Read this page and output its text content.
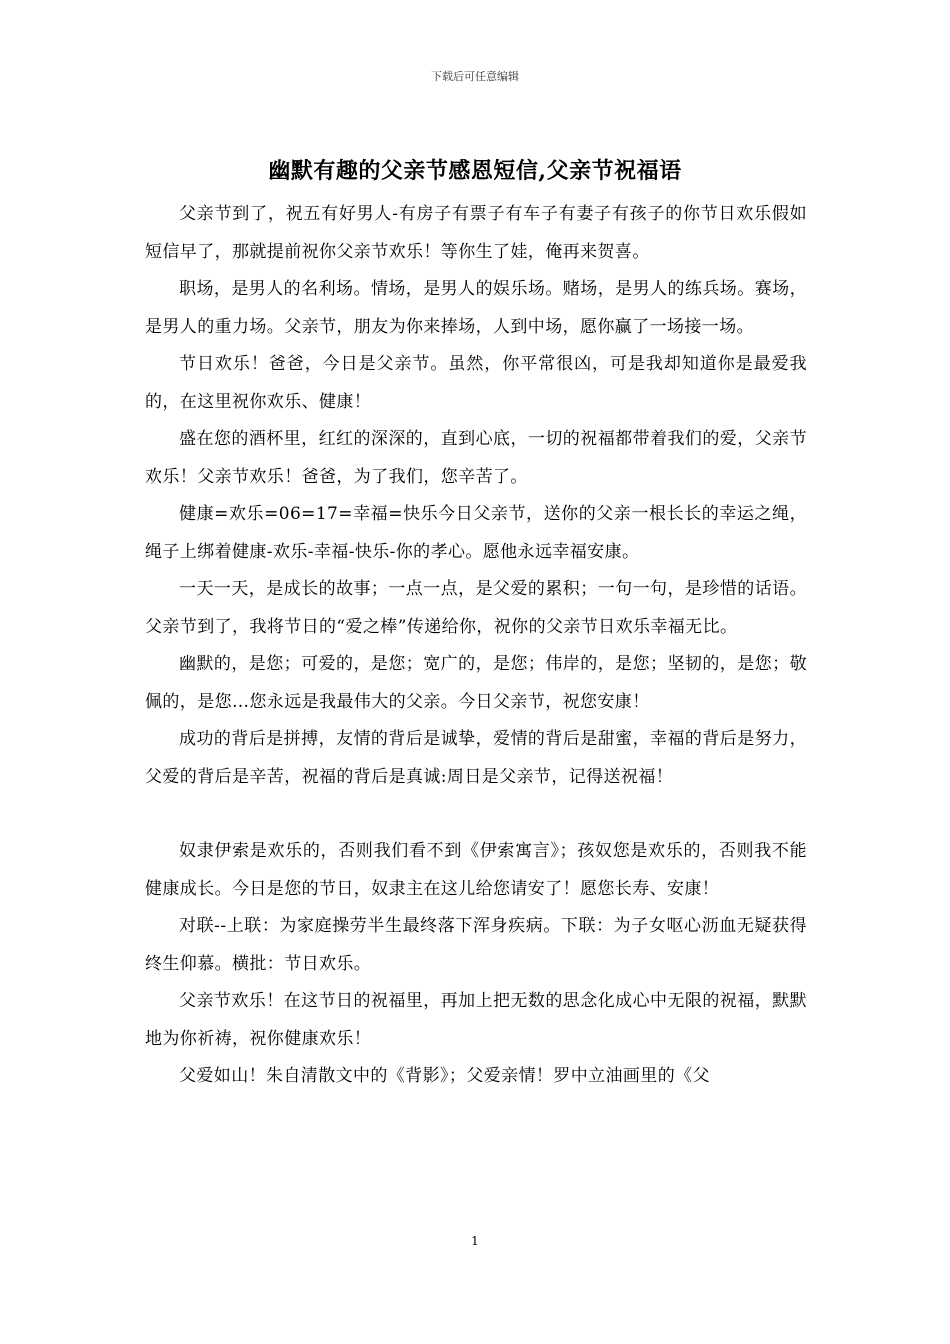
下载后可任意编辑
幽默有趣的父亲节感恩短信,父亲节祝福语

父亲节到了，祝五有好男人-有房子有票子有车子有妻子有孩子的你节日欢乐假如短信早了，那就提前祝你父亲节欢乐！等你生了娃，俺再来贺喜。

职场，是男人的名利场。情场，是男人的娱乐场。赌场，是男人的练兵场。赛场，是男人的重力场。父亲节，朋友为你来捧场，人到中场，愿你赢了一场接一场。

节日欢乐！爸爸，今日是父亲节。虽然，你平常很凶，可是我却知道你是最爱我的，在这里祝你欢乐、健康！

盛在您的酒杯里，红红的深深的，直到心底，一切的祝福都带着我们的爱，父亲节欢乐！父亲节欢乐！爸爸，为了我们，您辛苦了。

健康=欢乐=06=17=幸福=快乐今日父亲节，送你的父亲一根长长的幸运之绳，绳子上绑着健康-欢乐-幸福-快乐-你的孝心。愿他永远幸福安康。

一天一天，是成长的故事；一点一点，是父爱的累积；一句一句，是珍惜的话语。父亲节到了，我将节日的“爱之棒”传递给你，祝你的父亲节日欢乐幸福无比。

幽默的，是您；可爱的，是您；宽广的，是您；伟岸的，是您；坚韧的，是您；敬佩的，是您…您永远是我最伟大的父亲。今日父亲节，祝您安康！

成功的背后是拼搏，友情的背后是诚挚，爱情的背后是甜蜜，幸福的背后是努力，父爱的背后是辛苦，祝福的背后是真诚:周日是父亲节，记得送祝福！

奴隶伊索是欢乐的，否则我们看不到《伊索寓言》；孩奴您是欢乐的，否则我不能健康成长。今日是您的节日，奴隶主在这儿给您请安了！愿您长寿、安康！

对联--上联：为家庭操劳半生最终落下浑身疾病。下联：为子女呕心沥血无疑获得终生仰慕。横批：节日欢乐。

父亲节欢乐！在这节日的祝福里，再加上把无数的思念化成心中无限的祝福，默默地为你祈祷，祝你健康欢乐！

父爱如山！朱自清散文中的《背影》；父爱亲情！罗中立油画里的《父

1
